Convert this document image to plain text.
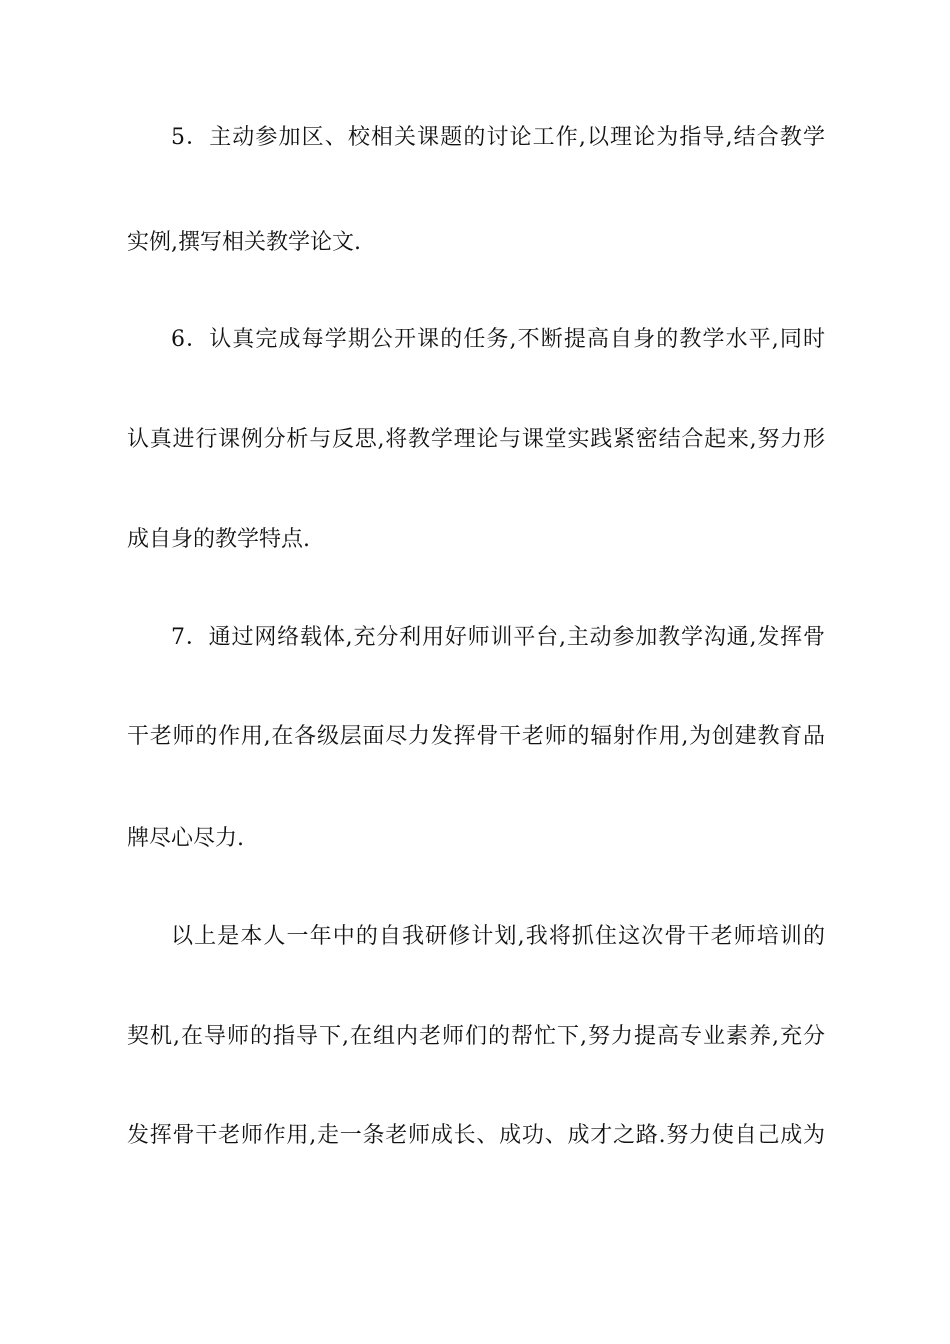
5．主动参加区、校相关课题的讨论工作,以理论为指导,结合教学
实例,撰写相关教学论文.
6．认真完成每学期公开课的任务,不断提高自身的教学水平,同时
认真进行课例分析与反思,将教学理论与课堂实践紧密结合起来,努力形
成自身的教学特点.
7．通过网络载体,充分利用好师训平台,主动参加教学沟通,发挥骨
干老师的作用,在各级层面尽力发挥骨干老师的辐射作用,为创建教育品
牌尽心尽力.
以上是本人一年中的自我研修计划,我将抓住这次骨干老师培训的
契机,在导师的指导下,在组内老师们的帮忙下,努力提高专业素养,充分
发挥骨干老师作用,走一条老师成长、成功、成才之路.努力使自己成为
